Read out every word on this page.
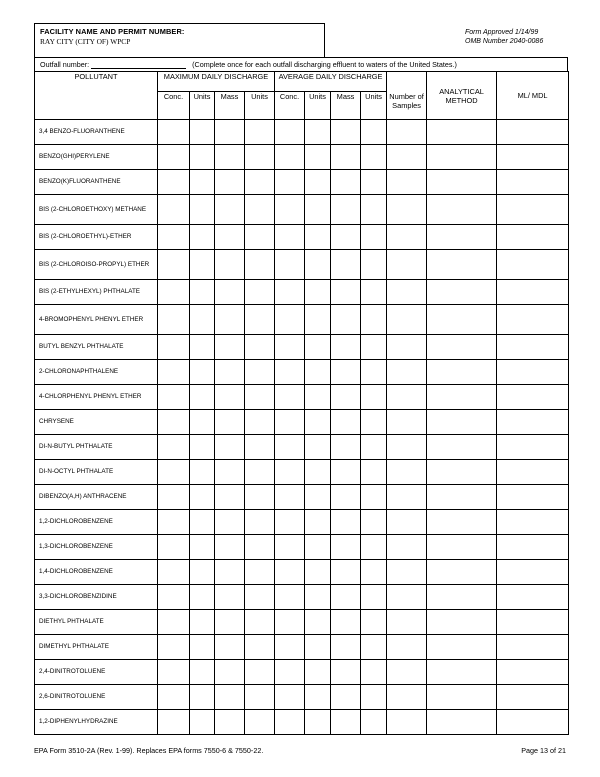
FACILITY NAME AND PERMIT NUMBER:
RAY CITY (CITY OF) WPCP
Form Approved 1/14/99
OMB Number 2040-0086
Outfall number:	(Complete once for each outfall discharging effluent to waters of the United States.)
POLLUTANT	MAXIMUM DAILY DISCHARGE				AVERAGE DAILY DISCHARGE					ANALYTICAL METHOD	ML/ MDL
	Conc.	Units	Mass	Units	Conc.	Units	Mass	Units	Number of Samples		
3,4 BENZO-FLUORANTHENE											
BENZO(GHI)PERYLENE											
BENZO(K)FLUORANTHENE											
BIS (2-CHLOROETHOXY) METHANE											
BIS (2-CHLOROETHYL)-ETHER											
BIS (2-CHLOROISO-PROPYL) ETHER											
BIS (2-ETHYLHEXYL) PHTHALATE											
4-BROMOPHENYL PHENYL ETHER											
BUTYL BENZYL PHTHALATE											
2-CHLORONAPHTHALENE											
4-CHLORPHENYL PHENYL ETHER											
CHRYSENE											
DI-N-BUTYL PHTHALATE											
DI-N-OCTYL PHTHALATE											
DIBENZO(A,H) ANTHRACENE											
1,2-DICHLOROBENZENE											
1,3-DICHLOROBENZENE											
1,4-DICHLOROBENZENE											
3,3-DICHLOROBENZIDINE											
DIETHYL PHTHALATE											
DIMETHYL PHTHALATE											
2,4-DINITROTOLUENE											
2,6-DINITROTOLUENE											
1,2-DIPHENYLHYDRAZINE											
EPA Form 3510-2A (Rev. 1-99). Replaces EPA forms 7550-6 & 7550-22.	Page 13 of 21
